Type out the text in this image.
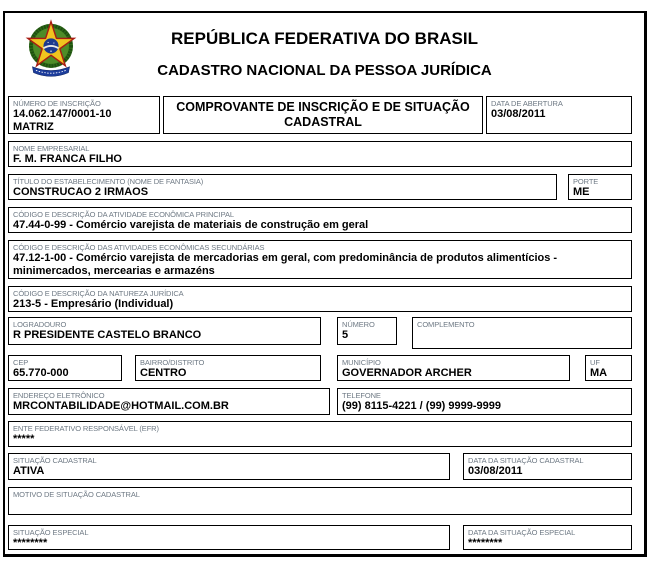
REPÚBLICA FEDERATIVA DO BRASIL
CADASTRO NACIONAL DA PESSOA JURÍDICA
NÚMERO DE INSCRIÇÃO
14.062.147/0001-10
MATRIZ
COMPROVANTE DE INSCRIÇÃO E DE SITUAÇÃO CADASTRAL
DATA DE ABERTURA
03/08/2011
NOME EMPRESARIAL
F. M. FRANCA FILHO
TÍTULO DO ESTABELECIMENTO (NOME DE FANTASIA)
CONSTRUCAO 2 IRMAOS
PORTE
ME
CÓDIGO E DESCRIÇÃO DA ATIVIDADE ECONÔMICA PRINCIPAL
47.44-0-99 - Comércio varejista de materiais de construção em geral
CÓDIGO E DESCRIÇÃO DAS ATIVIDADES ECONÔMICAS SECUNDÁRIAS
47.12-1-00 - Comércio varejista de mercadorias em geral, com predominância de produtos alimentícios - minimercados, mercearias e armazéns
CÓDIGO E DESCRIÇÃO DA NATUREZA JURÍDICA
213-5 - Empresário (Individual)
LOGRADOURO
R PRESIDENTE CASTELO BRANCO
NÚMERO
5
COMPLEMENTO
CEP
65.770-000
BAIRRO/DISTRITO
CENTRO
MUNICÍPIO
GOVERNADOR ARCHER
UF
MA
ENDEREÇO ELETRÔNICO
MRCONTABILIDADE@HOTMAIL.COM.BR
TELEFONE
(99) 8115-4221 / (99) 9999-9999
ENTE FEDERATIVO RESPONSÁVEL (EFR)
*****
SITUAÇÃO CADASTRAL
ATIVA
DATA DA SITUAÇÃO CADASTRAL
03/08/2011
MOTIVO DE SITUAÇÃO CADASTRAL
SITUAÇÃO ESPECIAL
********
DATA DA SITUAÇÃO ESPECIAL
********
